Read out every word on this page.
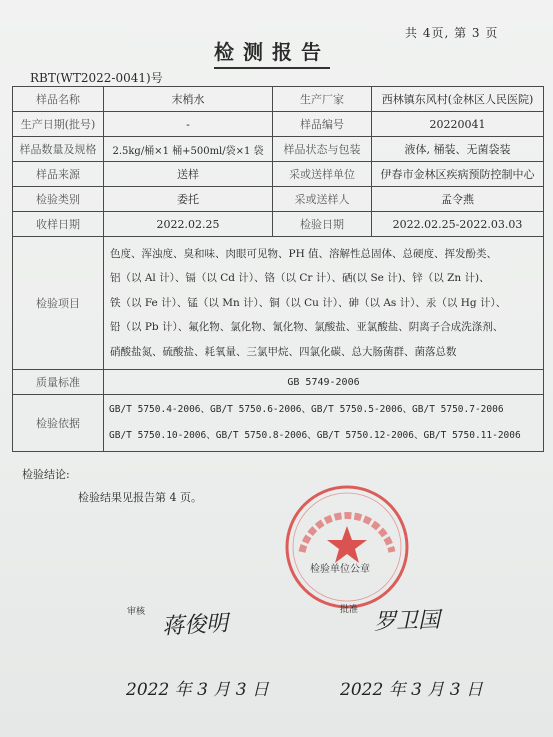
共 4页, 第 3 页
检测报告
RBT(WT2022-0041)号
样品名称	末梢水	生产厂家	西林镇东风村(金林区人民医院)
生产日期(批号)	-	样品编号	20220041
样品数量及规格	2.5kg/桶×1 桶+500ml/袋×1 袋	样品状态与包装	液体, 桶装、无菌袋装
样品来源	送样	采或送样单位	伊春市金林区疾病预防控制中心
检验类别	委托	采或送样人	孟令燕
收样日期	2022.02.25	检验日期	2022.02.25-2022.03.03
检验项目	色度、浑浊度、臭和味、肉眼可见物、PH 值、溶解性总固体、总硬度、挥发酚类、
铝（以 Al 计）、镉（以 Cd 计）、铬（以 Cr 计）、硒(以 Se 计)、锌（以 Zn 计)、
铁（以 Fe 计）、锰（以 Mn 计）、铜（以 Cu 计）、砷（以 As 计）、汞（以 Hg 计）、
铅（以 Pb 计）、氟化物、氯化物、氰化物、氯酸盐、亚氯酸盐、阴离子合成洗涤剂、
硝酸盐氮、硫酸盐、耗氧量、三氯甲烷、四氯化碳、总大肠菌群、菌落总数		

质量标准	GB 5749-2006		
检验依据	GB/T 5750.4-2006、GB/T 5750.6-2006、GB/T 5750.5-2006、GB/T 5750.7-2006
GB/T 5750.10-2006、GB/T 5750.8-2006、GB/T 5750.12-2006、GB/T 5750.11-2006		
检验结论:
检验结果见报告第 4 页。
检验单位公章
审核	批准
蒋俊明	罗卫国
2022 年 3 月 3 日	2022 年 3 月 3 日
